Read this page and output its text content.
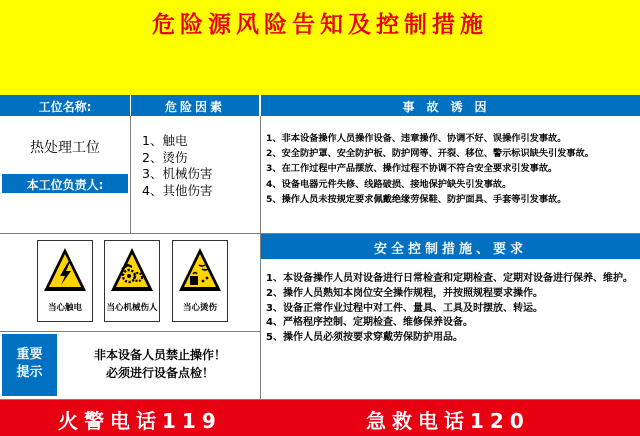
危险源风险告知及控制措施
工位名称:	危险因素	事故诱因
热处理工位
本工位负责人:
1、触电
2、烫伤
3、机械伤害
4、其他伤害
1、非本设备操作人员操作设备、违章操作、协调不好、误操作引发事故。
2、安全防护罩、安全防护板、防护网等、开裂、移位、警示标识缺失引发事故。
3、在工作过程中产品摆放、操作过程不协调不符合安全要求引发事故。
4、设备电器元件失修、线路破损、接地保护缺失引发事故。
5、操作人员未按规定要求佩戴绝缘劳保鞋、防护面具、手套等引发事故。
安全控制措施、要求
1、本设备操作人员对设备进行日常检查和定期检查、定期对设备进行保养、维护。
2、操作人员熟知本岗位安全操作规程，并按照规程要求操作。
3、设备正常作业过程中对工件、量具、工具及时摆放、转运。
4、严格程序控制、定期检查、维修保养设备。
5、操作人员必须按要求穿戴劳保防护用品。
当心触电	当心机械伤人	当心烫伤
重要
提示
非本设备人员禁止操作！
必须进行设备点检！
火警电话119	急救电话120
